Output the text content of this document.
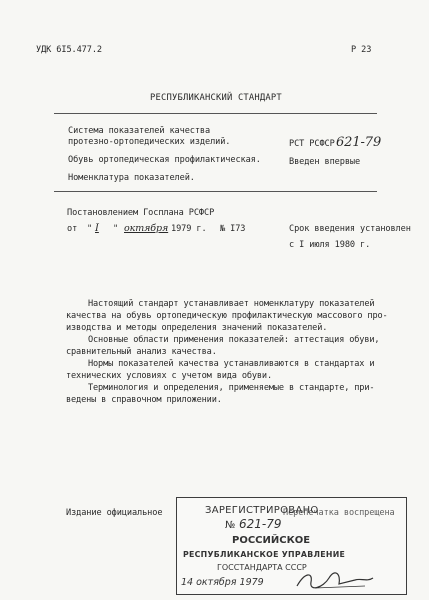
УДК 6I5.477.2	Р 23
РЕСПУБЛИКАНСКИЙ СТАНДАРТ
Система показателей качества
протезно-ортопедических изделий.
Обувь ортопедическая профилактическая.
Номенклатура показателей.
РСТ РСФСР 621-79
Введен впервые
Постановлением Госплана РСФСР
от " I " октября 1979 г. № I73	Срок введения установлен
с I июля 1980 г.
Настоящий стандарт устанавливает номенклатуру показателей
качества на обувь ортопедическую профилактическую массового про-
изводства и методы определения значений показателей.
Основные области применения показателей: аттестация обуви,
сравнительный анализ качества.
Нормы показателей качества устанавливаются в стандартах и
технических условиях с учетом вида обуви.
Терминология и определения, применяемые в стандарте, при-
ведены в справочном приложении.
Издание официальное	Перепечатка воспрещена
ЗАРЕГИСТРИРОВАНО
№ 621-79
РОССИЙСКОЕ
РЕСПУБЛИКАНСКОЕ УПРАВЛЕНИЕ
ГОССТАНДАРТА СССР
14 октября 1979
